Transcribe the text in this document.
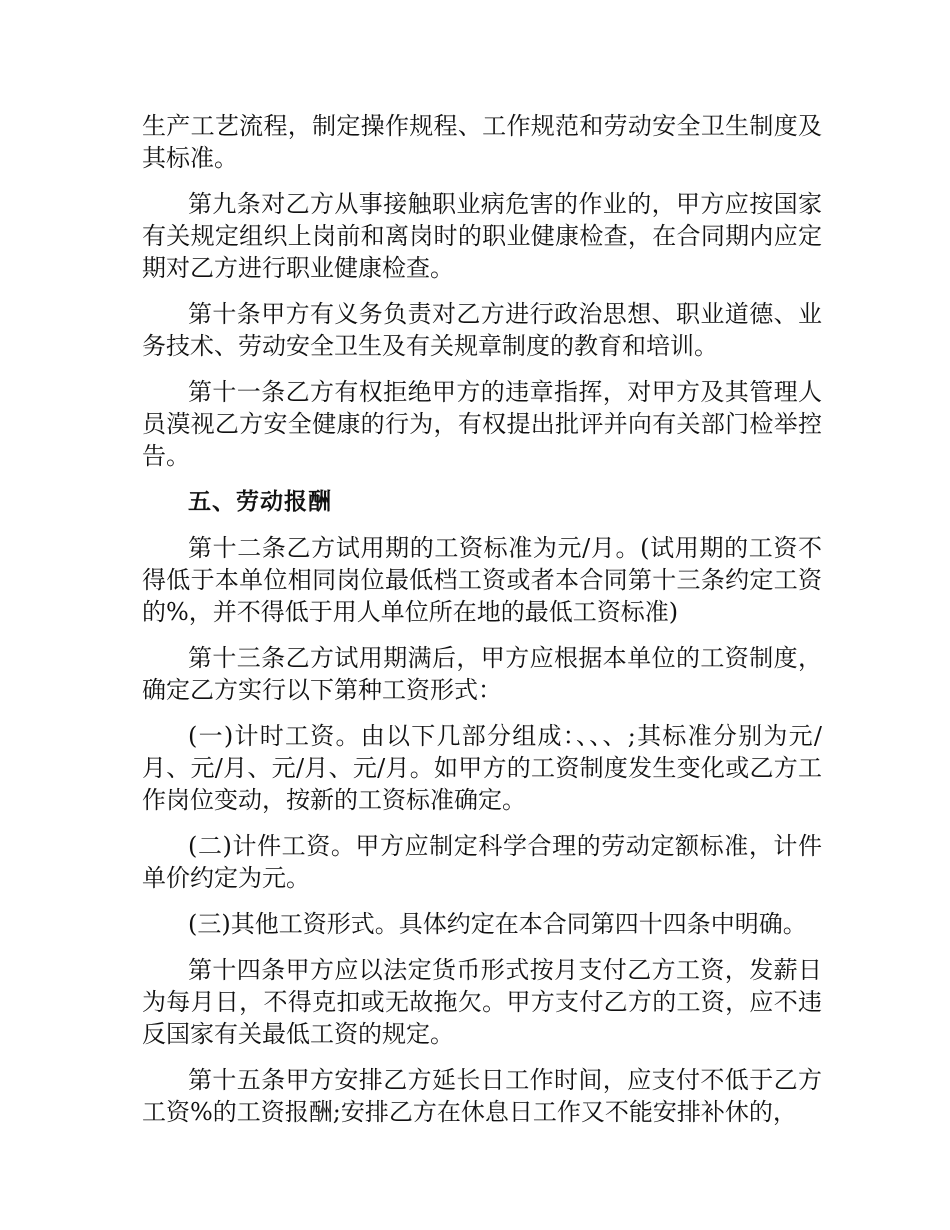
生产工艺流程，制定操作规程、工作规范和劳动安全卫生制度及其标准。

第九条对乙方从事接触职业病危害的作业的，甲方应按国家有关规定组织上岗前和离岗时的职业健康检查，在合同期内应定期对乙方进行职业健康检查。

第十条甲方有义务负责对乙方进行政治思想、职业道德、业务技术、劳动安全卫生及有关规章制度的教育和培训。

第十一条乙方有权拒绝甲方的违章指挥，对甲方及其管理人员漠视乙方安全健康的行为，有权提出批评并向有关部门检举控告。

五、劳动报酬

第十二条乙方试用期的工资标准为元/月。(试用期的工资不得低于本单位相同岗位最低档工资或者本合同第十三条约定工资的%，并不得低于用人单位所在地的最低工资标准)

第十三条乙方试用期满后，甲方应根据本单位的工资制度，确定乙方实行以下第种工资形式：

(一)计时工资。由以下几部分组成：、、、;其标准分别为元/月、元/月、元/月、元/月。如甲方的工资制度发生变化或乙方工作岗位变动，按新的工资标准确定。

(二)计件工资。甲方应制定科学合理的劳动定额标准，计件单价约定为元。

(三)其他工资形式。具体约定在本合同第四十四条中明确。

第十四条甲方应以法定货币形式按月支付乙方工资，发薪日为每月日，不得克扣或无故拖欠。甲方支付乙方的工资，应不违反国家有关最低工资的规定。

第十五条甲方安排乙方延长日工作时间，应支付不低于乙方工资%的工资报酬;安排乙方在休息日工作又不能安排补休的，
